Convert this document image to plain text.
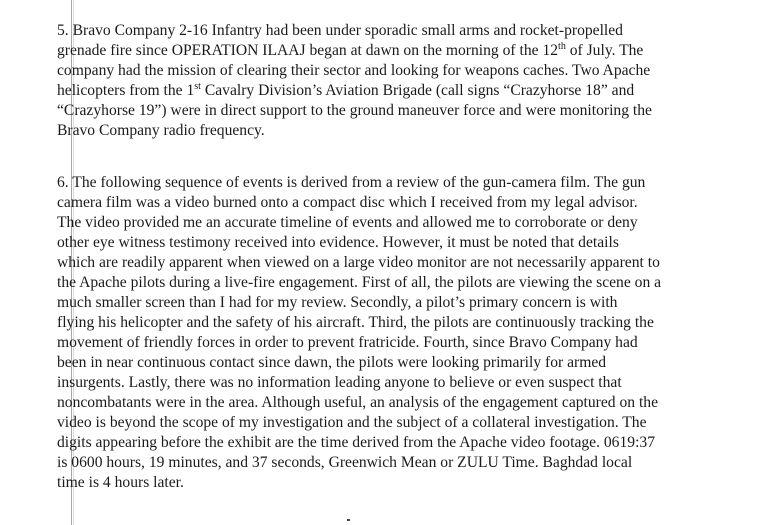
5. Bravo Company 2-16 Infantry had been under sporadic small arms and rocket-propelled
grenade fire since OPERATION ILAAJ began at dawn on the morning of the 12th of July. The
company had the mission of clearing their sector and looking for weapons caches. Two Apache
helicopters from the 1st Cavalry Division’s Aviation Brigade (call signs “Crazyhorse 18” and
“Crazyhorse 19”) were in direct support to the ground maneuver force and were monitoring the
Bravo Company radio frequency.
6. The following sequence of events is derived from a review of the gun-camera film. The gun
camera film was a video burned onto a compact disc which I received from my legal advisor.
The video provided me an accurate timeline of events and allowed me to corroborate or deny
other eye witness testimony received into evidence. However, it must be noted that details
which are readily apparent when viewed on a large video monitor are not necessarily apparent to
the Apache pilots during a live-fire engagement. First of all, the pilots are viewing the scene on a
much smaller screen than I had for my review. Secondly, a pilot’s primary concern is with
flying his helicopter and the safety of his aircraft. Third, the pilots are continuously tracking the
movement of friendly forces in order to prevent fratricide. Fourth, since Bravo Company had
been in near continuous contact since dawn, the pilots were looking primarily for armed
insurgents. Lastly, there was no information leading anyone to believe or even suspect that
noncombatants were in the area. Although useful, an analysis of the engagement captured on the
video is beyond the scope of my investigation and the subject of a collateral investigation. The
digits appearing before the exhibit are the time derived from the Apache video footage. 0619:37
is 0600 hours, 19 minutes, and 37 seconds, Greenwich Mean or ZULU Time. Baghdad local
time is 4 hours later.
